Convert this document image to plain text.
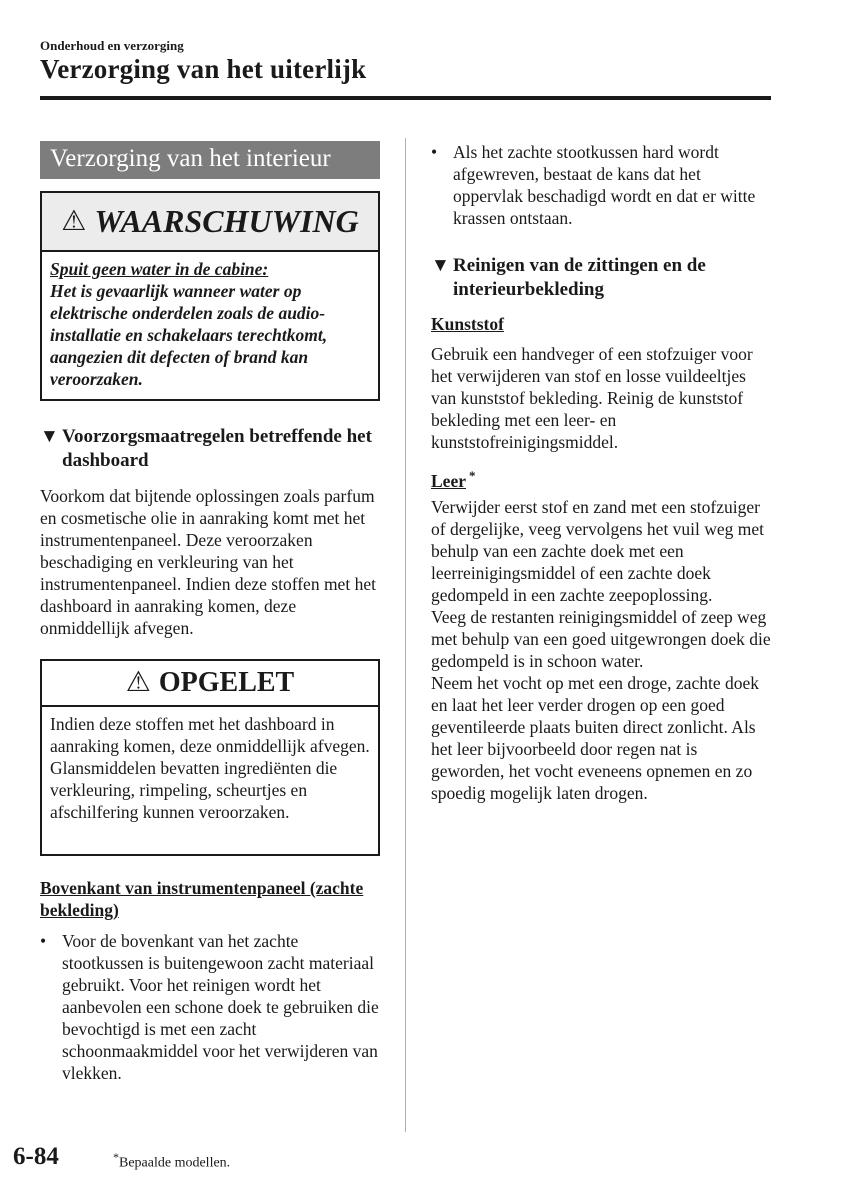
Onderhoud en verzorging
Verzorging van het uiterlijk
Verzorging van het interieur
⚠ WAARSCHUWING
Spuit geen water in de cabine:
Het is gevaarlijk wanneer water op elektrische onderdelen zoals de audio-installatie en schakelaars terechtkomt, aangezien dit defecten of brand kan veroorzaken.
▼ Voorzorgsmaatregelen betreffende het dashboard
Voorkom dat bijtende oplossingen zoals parfum en cosmetische olie in aanraking komt met het instrumentenpaneel. Deze veroorzaken beschadiging en verkleuring van het instrumentenpaneel. Indien deze stoffen met het dashboard in aanraking komen, deze onmiddellijk afvegen.
⚠ OPGELET
Indien deze stoffen met het dashboard in aanraking komen, deze onmiddellijk afvegen.
Glansmiddelen bevatten ingrediënten die verkleuring, rimpeling, scheurtjes en afschilfering kunnen veroorzaken.
Bovenkant van instrumentenpaneel (zachte bekleding)
• Voor de bovenkant van het zachte stootkussen is buitengewoon zacht materiaal gebruikt. Voor het reinigen wordt het aanbevolen een schone doek te gebruiken die bevochtigd is met een zacht schoonmaakmiddel voor het verwijderen van vlekken.
• Als het zachte stootkussen hard wordt afgewreven, bestaat de kans dat het oppervlak beschadigd wordt en dat er witte krassen ontstaan.
▼ Reinigen van de zittingen en de interieurbekleding
Kunststof
Gebruik een handveger of een stofzuiger voor het verwijderen van stof en losse vuildeeltjes van kunststof bekleding. Reinig de kunststof bekleding met een leer- en kunststofreinigingsmiddel.
Leer *
Verwijder eerst stof en zand met een stofzuiger of dergelijke, veeg vervolgens het vuil weg met behulp van een zachte doek met een leerreinigingsmiddel of een zachte doek gedompeld in een zachte zeepoplossing.
Veeg de restanten reinigingsmiddel of zeep weg met behulp van een goed uitgewrongen doek die gedompeld is in schoon water.
Neem het vocht op met een droge, zachte doek en laat het leer verder drogen op een goed geventileerde plaats buiten direct zonlicht. Als het leer bijvoorbeeld door regen nat is geworden, het vocht eveneens opnemen en zo spoedig mogelijk laten drogen.
6-84	*Bepaalde modellen.
